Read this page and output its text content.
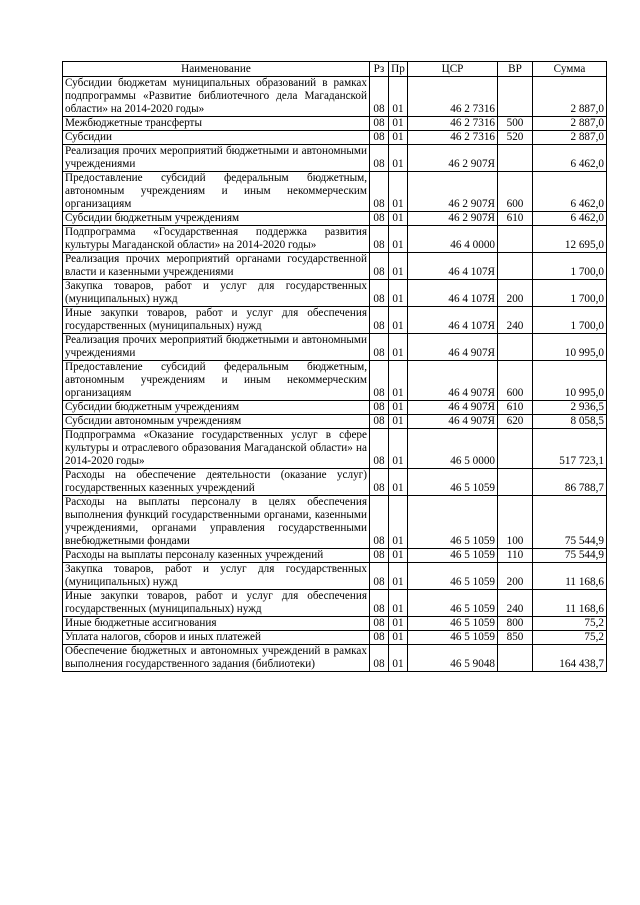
Наименование	Рз	Пр	ЦСР	ВР	Сумма
Субсидии бюджетам муниципальных образований в рамках подпрограммы «Развитие библиотечного дела Магаданской области» на 2014-2020 годы»	08	01	46 2 7316		2 887,0
Межбюджетные трансферты	08	01	46 2 7316	500	2 887,0
Субсидии	08	01	46 2 7316	520	2 887,0
Реализация прочих мероприятий бюджетными и автономными учреждениями	08	01	46 2 907Я		6 462,0
Предоставление субсидий федеральным бюджетным, автономным учреждениям и иным некоммерческим организациям	08	01	46 2 907Я	600	6 462,0
Субсидии бюджетным учреждениям	08	01	46 2 907Я	610	6 462,0
Подпрограмма «Государственная поддержка развития культуры Магаданской области» на 2014-2020 годы»	08	01	46 4 0000		12 695,0
Реализация прочих мероприятий органами государственной власти и казенными учреждениями	08	01	46 4 107Я		1 700,0
Закупка товаров, работ и услуг для государственных (муниципальных) нужд	08	01	46 4 107Я	200	1 700,0
Иные закупки товаров, работ и услуг для обеспечения государственных (муниципальных) нужд	08	01	46 4 107Я	240	1 700,0
Реализация прочих мероприятий бюджетными и автономными учреждениями	08	01	46 4 907Я		10 995,0
Предоставление субсидий федеральным бюджетным, автономным учреждениям и иным некоммерческим организациям	08	01	46 4 907Я	600	10 995,0
Субсидии бюджетным учреждениям	08	01	46 4 907Я	610	2 936,5
Субсидии автономным учреждениям	08	01	46 4 907Я	620	8 058,5
Подпрограмма «Оказание государственных услуг в сфере культуры и отраслевого образования Магаданской области» на 2014-2020 годы»	08	01	46 5 0000		517 723,1
Расходы на обеспечение деятельности (оказание услуг) государственных казенных учреждений	08	01	46 5 1059		86 788,7
Расходы на выплаты персоналу в целях обеспечения выполнения функций государственными органами, казенными учреждениями, органами управления государственными внебюджетными фондами	08	01	46 5 1059	100	75 544,9
Расходы на выплаты персоналу казенных учреждений	08	01	46 5 1059	110	75 544,9
Закупка товаров, работ и услуг для государственных (муниципальных) нужд	08	01	46 5 1059	200	11 168,6
Иные закупки товаров, работ и услуг для обеспечения государственных (муниципальных) нужд	08	01	46 5 1059	240	11 168,6
Иные бюджетные ассигнования	08	01	46 5 1059	800	75,2
Уплата налогов, сборов и иных платежей	08	01	46 5 1059	850	75,2
Обеспечение бюджетных и автономных учреждений в рамках выполнения государственного задания (библиотеки)	08	01	46 5 9048		164 438,7
